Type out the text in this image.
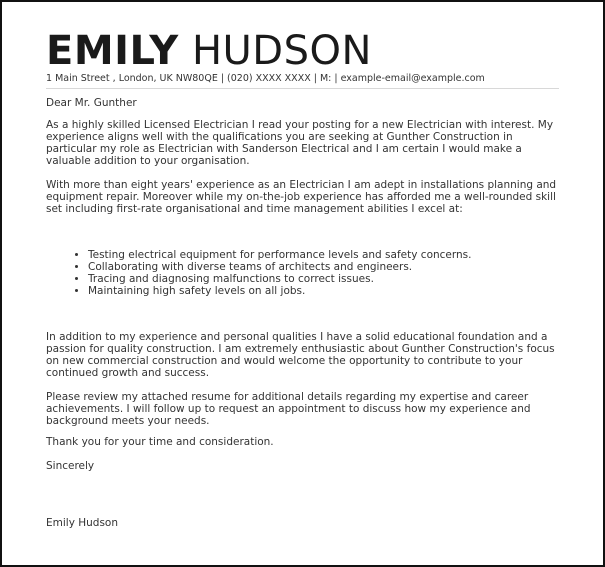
EMILY HUDSON
1 Main Street , London, UK NW80QE | (020) XXXX XXXX | M: | example-email@example.com
Dear Mr. Gunther
As a highly skilled Licensed Electrician I read your posting for a new Electrician with interest. My experience aligns well with the qualifications you are seeking at Gunther Construction in particular my role as Electrician with Sanderson Electrical and I am certain I would make a valuable addition to your organisation.
With more than eight years' experience as an Electrician I am adept in installations planning and equipment repair. Moreover while my on-the-job experience has afforded me a well-rounded skill set including first-rate organisational and time management abilities I excel at:
• Testing electrical equipment for performance levels and safety concerns.
• Collaborating with diverse teams of architects and engineers.
• Tracing and diagnosing malfunctions to correct issues.
• Maintaining high safety levels on all jobs.
In addition to my experience and personal qualities I have a solid educational foundation and a passion for quality construction. I am extremely enthusiastic about Gunther Construction's focus on new commercial construction and would welcome the opportunity to contribute to your continued growth and success.
Please review my attached resume for additional details regarding my expertise and career achievements. I will follow up to request an appointment to discuss how my experience and background meets your needs.
Thank you for your time and consideration.
Sincerely
Emily Hudson
